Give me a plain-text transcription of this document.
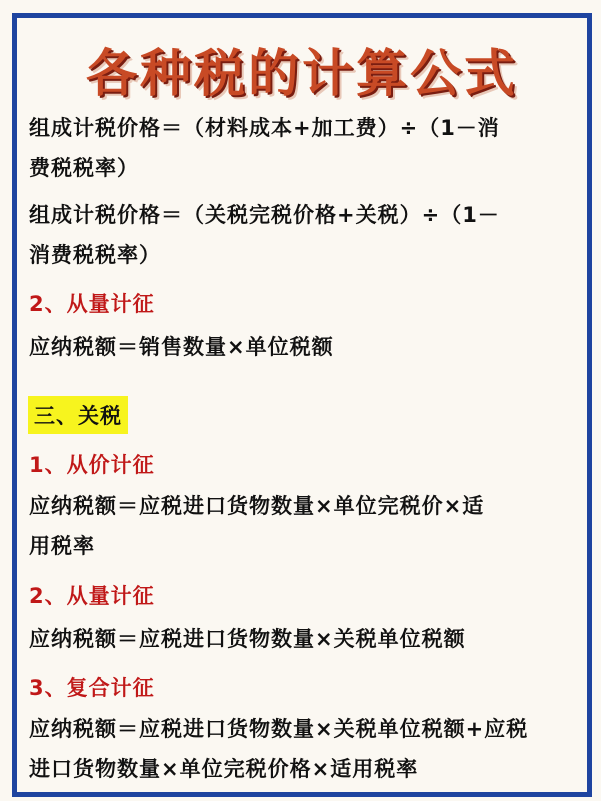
各种税的计算公式
组成计税价格＝（材料成本+加工费）÷（1－消
费税税率）
组成计税价格＝（关税完税价格+关税）÷（1－
消费税税率）
2、从量计征
应纳税额＝销售数量×单位税额
三、关税
1、从价计征
应纳税额＝应税进口货物数量×单位完税价×适
用税率
2、从量计征
应纳税额＝应税进口货物数量×关税单位税额
3、复合计征
应纳税额＝应税进口货物数量×关税单位税额+应税
进口货物数量×单位完税价格×适用税率
